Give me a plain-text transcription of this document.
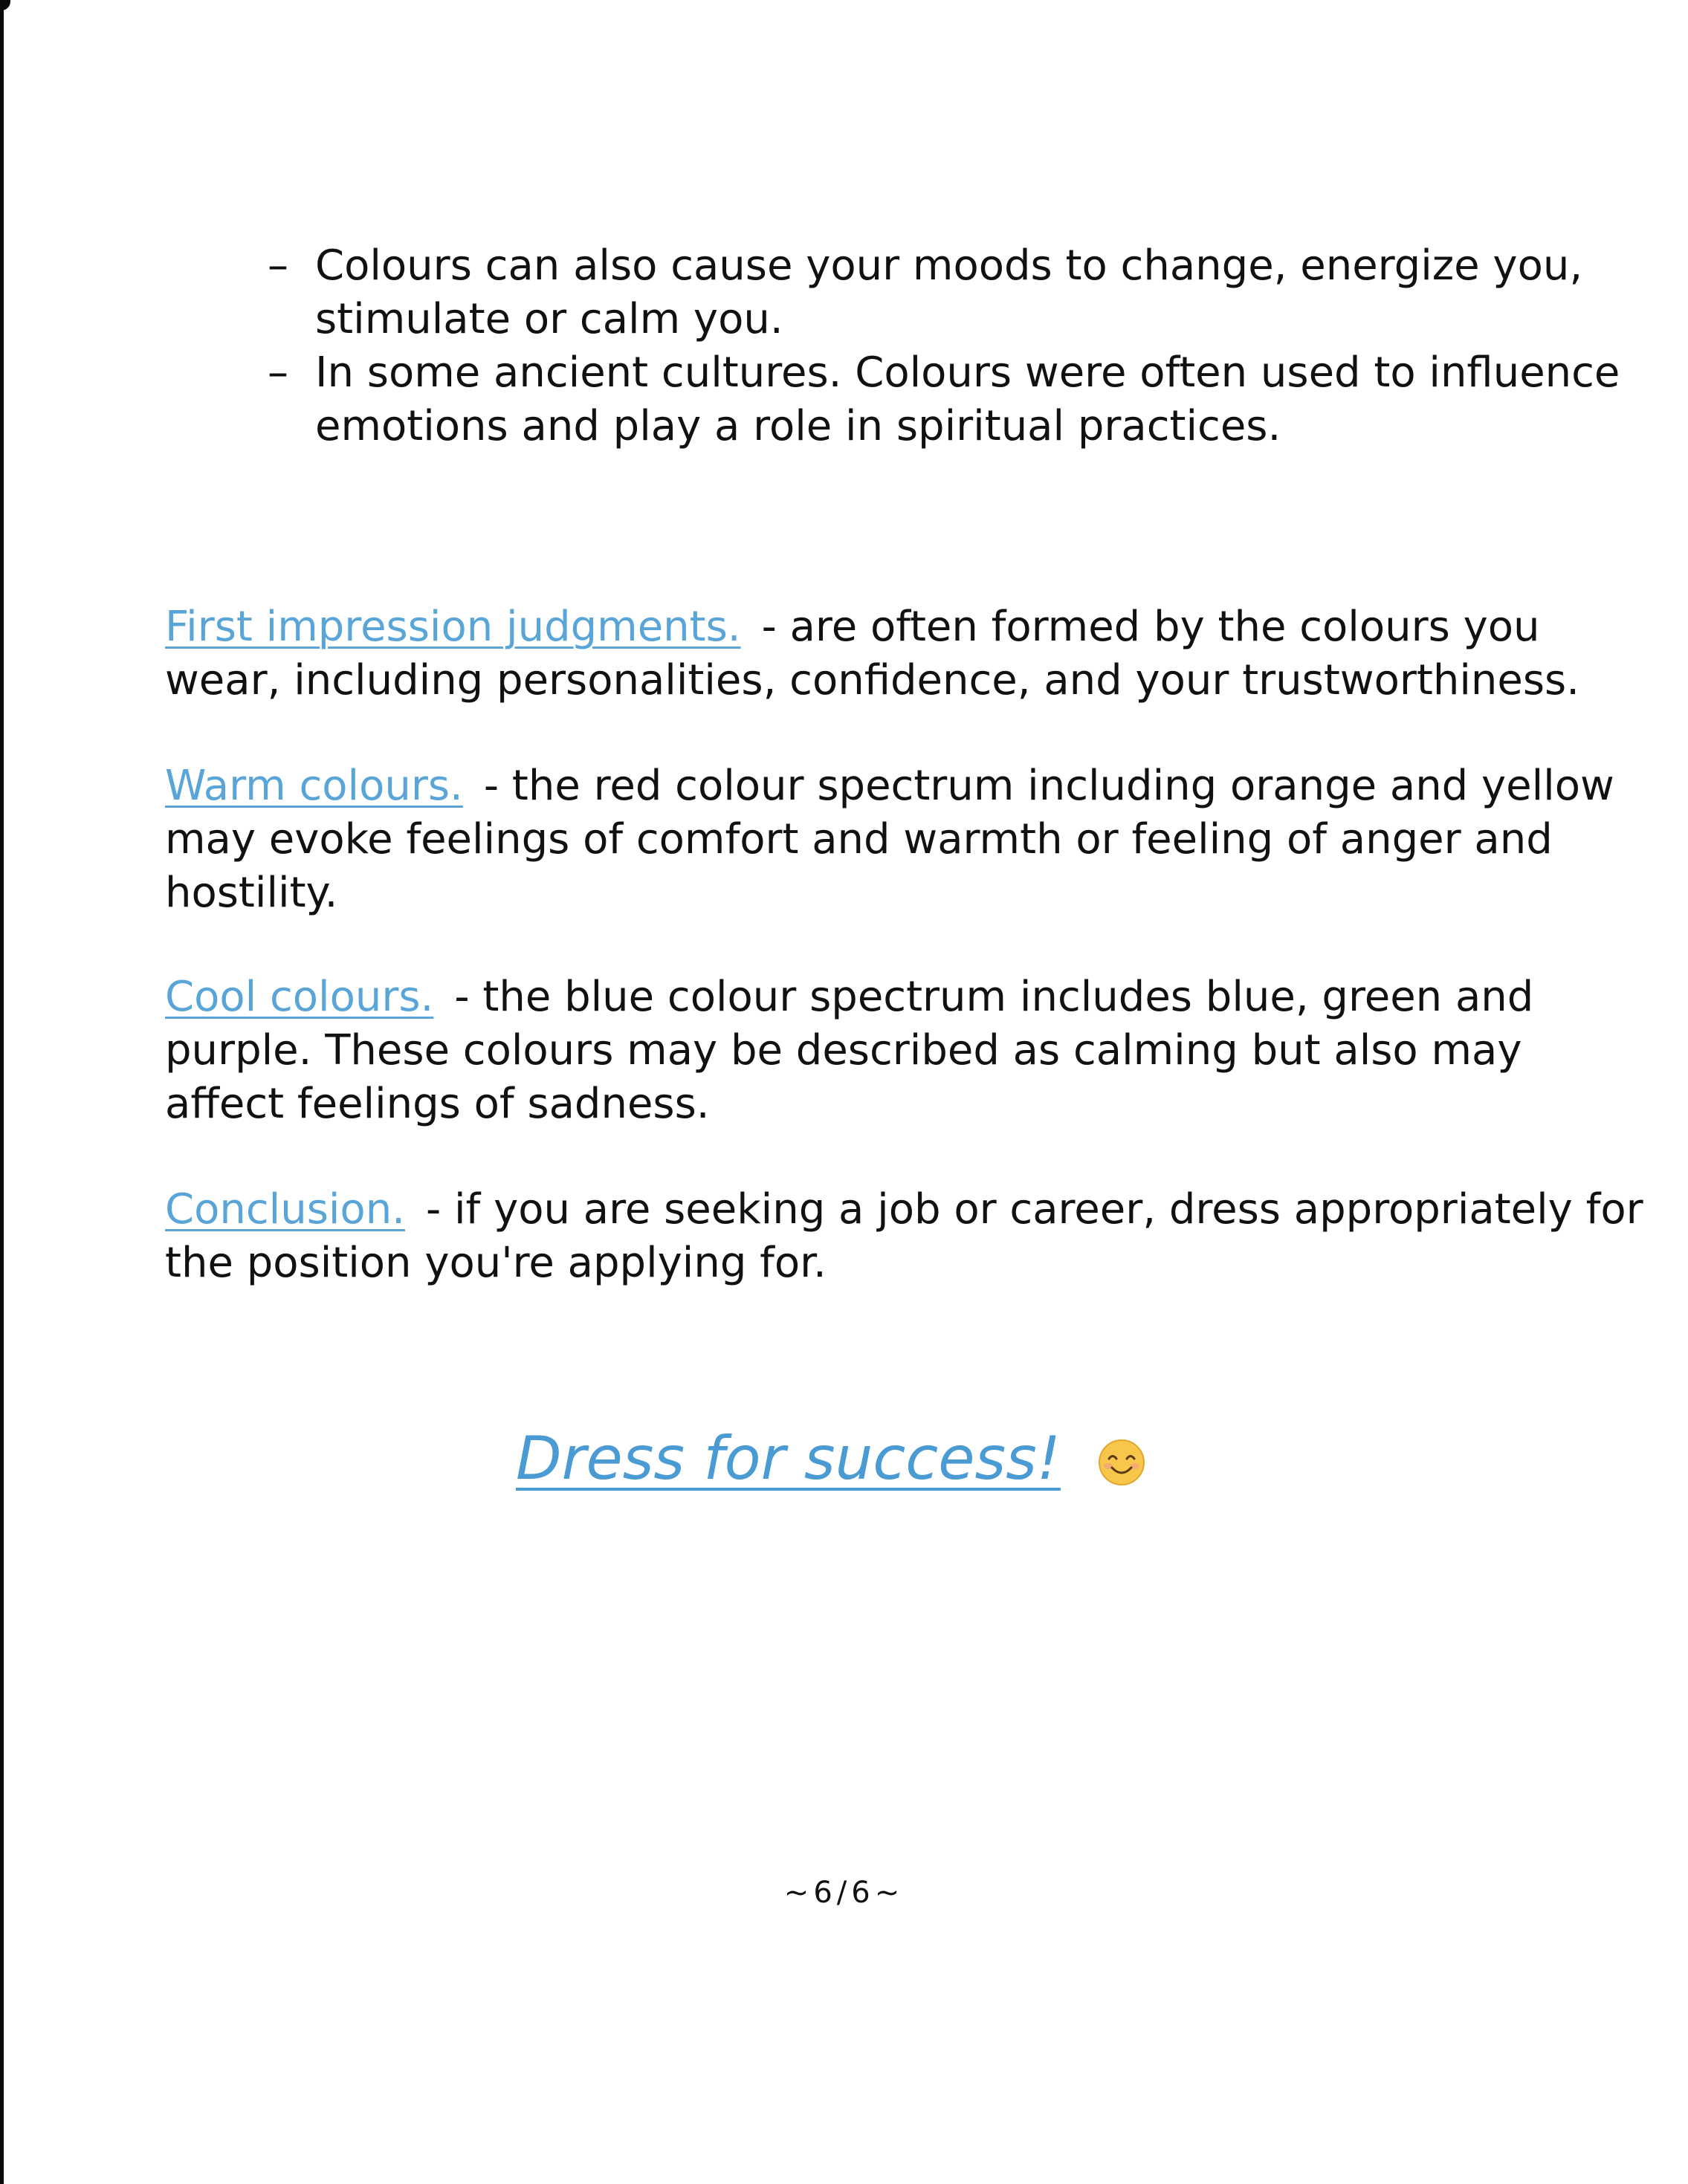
– Colours can also cause your moods to change, energize you, stimulate or calm you.
– In some ancient cultures. Colours were often used to influence emotions and play a role in spiritual practices.

First impression judgments. - are often formed by the colours you wear, including personalities, confidence, and your trustworthiness.

Warm colours. - the red colour spectrum including orange and yellow may evoke feelings of comfort and warmth or feeling of anger and hostility.

Cool colours. - the blue colour spectrum includes blue, green and purple. These colours may be described as calming but also may affect feelings of sadness.

Conclusion. - if you are seeking a job or career, dress appropriately for the position you're applying for.

Dress for success!
~6/6~
